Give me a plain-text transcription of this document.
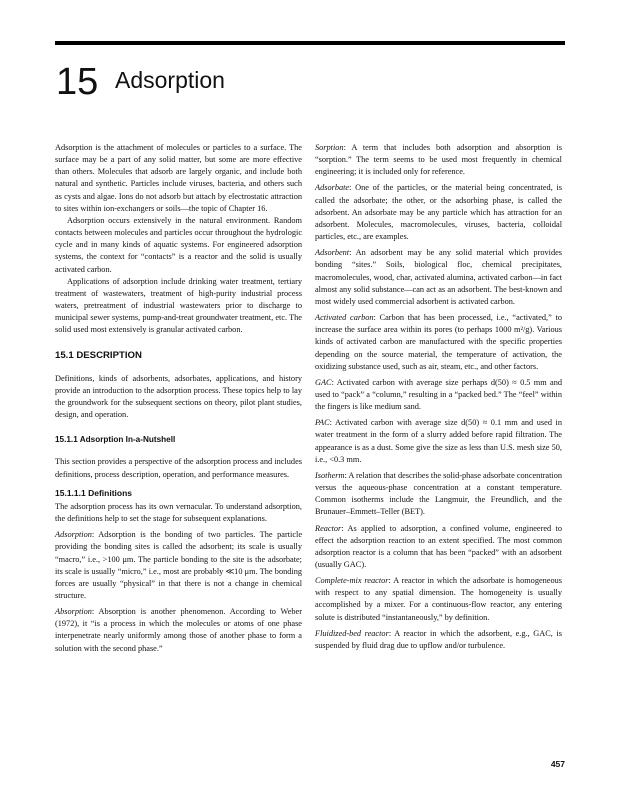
15 Adsorption

Adsorption is the attachment of molecules or particles to a surface. The surface may be a part of any solid matter, but some are more effective than others. Molecules that adsorb are largely organic, and include both natural and synthetic. Particles include viruses, bacteria, and others such as cysts and algae. Ions do not adsorb but attach by electrostatic attraction to sites within ion-exchangers or soils—the topic of Chapter 16.

Adsorption occurs extensively in the natural environment. Random contacts between molecules and particles occur throughout the hydrologic cycle and in many kinds of aquatic systems. For engineered adsorption systems, the context for “contacts” is a reactor and the solid is usually activated carbon.

Applications of adsorption include drinking water treatment, tertiary treatment of wastewaters, treatment of high-purity industrial process waters, pretreatment of industrial wastewaters prior to discharge to municipal sewer systems, pump-and-treat groundwater treatment, etc. The solid used most extensively is granular activated carbon.

15.1 DESCRIPTION

Definitions, kinds of adsorbents, adsorbates, applications, and history provide an introduction to the adsorption process. These topics help to lay the groundwork for the subsequent sections on theory, pilot plant studies, design, and operation.

15.1.1 Adsorption In-a-Nutshell

This section provides a perspective of the adsorption process and includes definitions, process description, operation, and performance measures.

15.1.1.1 Definitions

The adsorption process has its own vernacular. To understand adsorption, the definitions help to set the stage for subsequent explanations.

Adsorption: Adsorption is the bonding of two particles. The particle providing the bonding sites is called the adsorbent; its scale is usually “macro,” i.e., >100 μm. The particle bonding to the site is the adsorbate; its scale is usually “micro,” i.e., most are probably ≪10 μm. The bonding forces are usually “physical” in that there is not a change in chemical structure.

Absorption: Absorption is another phenomenon. According to Weber (1972), it “is a process in which the molecules or atoms of one phase interpenetrate nearly uniformly among those of another phase to form a solution with the second phase.”

Sorption: A term that includes both adsorption and absorption is “sorption.” The term seems to be used most frequently in chemical engineering; it is included only for reference.

Adsorbate: One of the particles, or the material being concentrated, is called the adsorbate; the other, or the adsorbing phase, is called the adsorbent. An adsorbate may be any particle which has attraction for an adsorbent. Molecules, macromolecules, viruses, bacteria, colloidal particles, etc., are examples.

Adsorbent: An adsorbent may be any solid material which provides bonding “sites.” Soils, biological floc, chemical precipitates, macromolecules, wood, char, activated alumina, activated carbon—in fact almost any solid substance—can act as an adsorbent. The best-known and most widely used commercial adsorbent is activated carbon.

Activated carbon: Carbon that has been processed, i.e., “activated,” to increase the surface area within its pores (to perhaps 1000 m²/g). Various kinds of activated carbon are manufactured with the specific properties depending on the source material, the temperature of activation, the oxidizing substance used, such as air, steam, etc., and other factors.

GAC: Activated carbon with average size perhaps d(50) ≈ 0.5 mm and used to “pack” a “column,” resulting in a “packed bed.” The “feel” within the fingers is like medium sand.

PAC: Activated carbon with average size d(50) ≈ 0.1 mm and used in water treatment in the form of a slurry added before rapid filtration. The appearance is as a dust. Some give the size as less than U.S. mesh size 50, i.e., <0.3 mm.

Isotherm: A relation that describes the solid-phase adsorbate concentration versus the aqueous-phase concentration at a constant temperature. Common isotherms include the Langmuir, the Freundlich, and the Brunauer–Emmett–Teller (BET).

Reactor: As applied to adsorption, a confined volume, engineered to effect the adsorption reaction to an extent specified. The most common adsorption reactor is a column that has been “packed” with an adsorbent (usually GAC).

Complete-mix reactor: A reactor in which the adsorbate is homogeneous with respect to any spatial dimension. The homogeneity is usually accomplished by a mixer. For a continuous-flow reactor, any entering solute is distributed “instantaneously,” by definition.

Fluidized-bed reactor: A reactor in which the adsorbent, e.g., GAC, is suspended by fluid drag due to upflow and/or turbulence.

457
